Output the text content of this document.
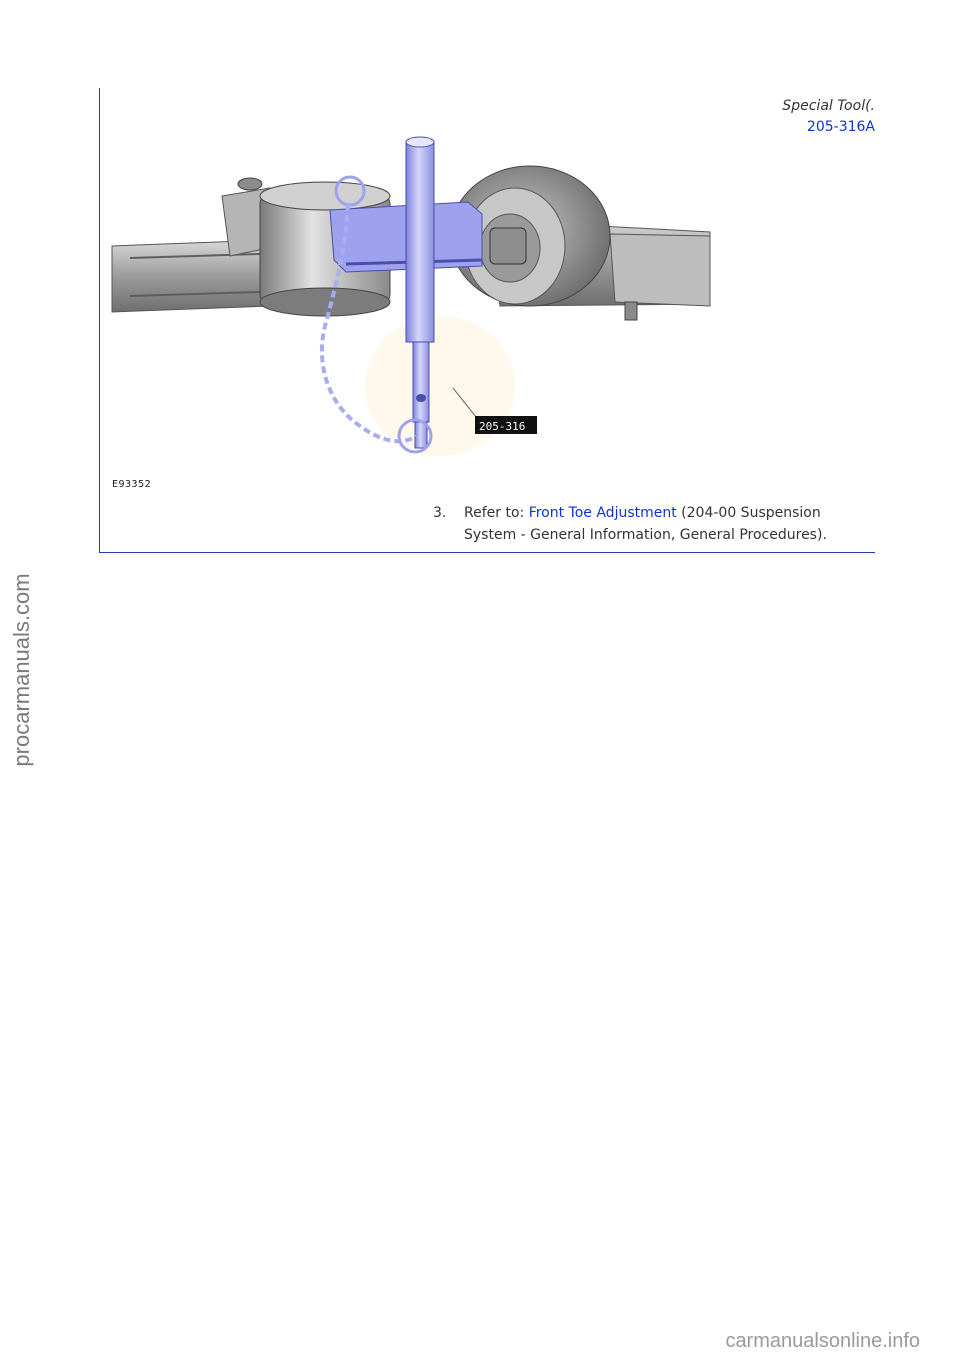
procarmanuals.com
Special Tool(.
205-316A
205-316
E93352
3. Refer to: Front Toe Adjustment (204-00 Suspension System - General Information, General Procedures).
carmanualsonline.info
